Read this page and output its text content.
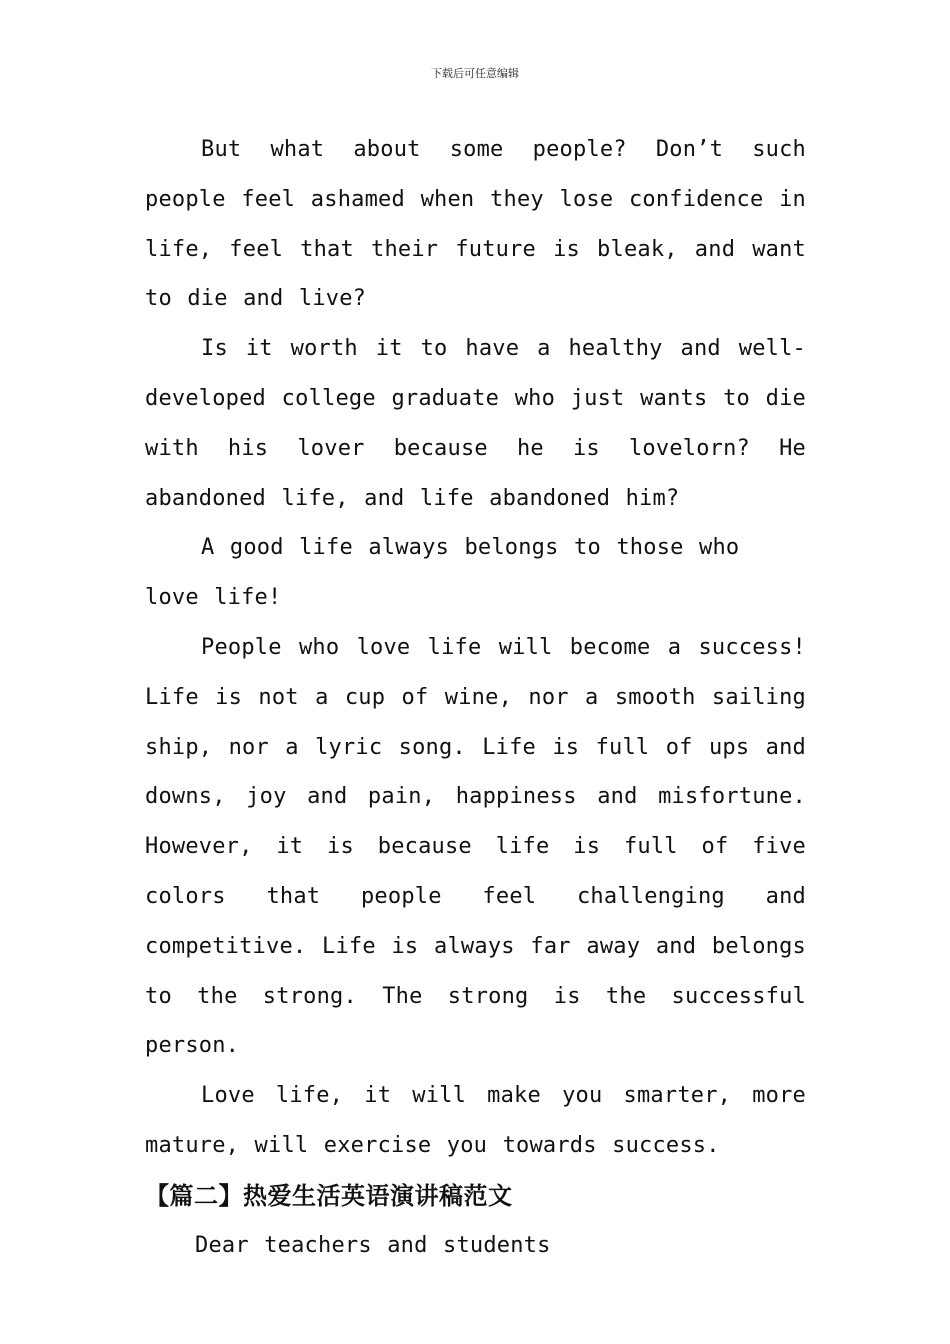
下载后可任意编辑

But what about some people? Don’t such people feel ashamed when they lose confidence in life, feel that their future is bleak, and want to die and live?

Is it worth it to have a healthy and well-developed college graduate who just wants to die with his lover because he is lovelorn? He abandoned life, and life abandoned him?

A good life always belongs to those who love life!

People who love life will become a success! Life is not a cup of wine, nor a smooth sailing ship, nor a lyric song. Life is full of ups and downs, joy and pain, happiness and misfortune. However, it is because life is full of five colors that people feel challenging and competitive. Life is always far away and belongs to the strong. The strong is the successful person.

Love life, it will make you smarter, more mature, will exercise you towards success.

【篇二】热爱生活英语演讲稿范文

Dear teachers and students
